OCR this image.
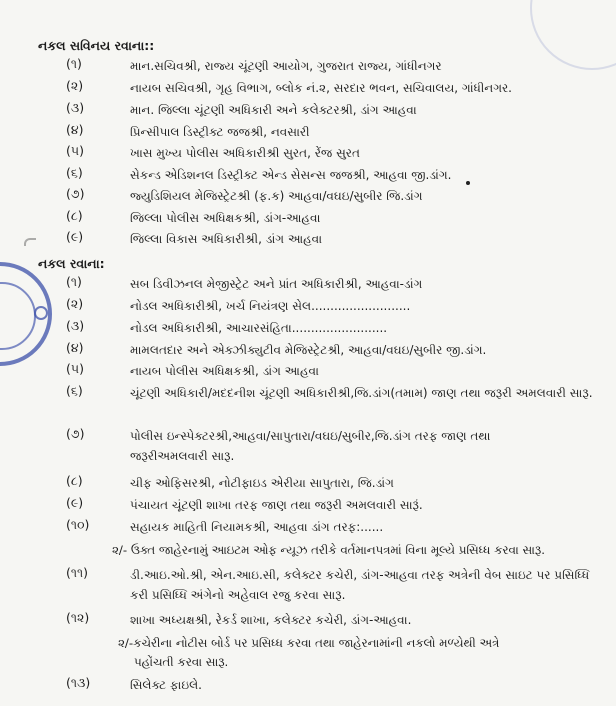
નકલ સવિનય રવાના::
(૧)	માન.સચિવશ્રી, રાજ્ય ચૂંટણી આયોગ, ગુજરાત રાજ્ય, ગાંધીનગર
(૨)	નાયબ સચિવશ્રી, ગૃહ વિભાગ, બ્લોક નં.૨, સરદાર ભવન, સચિવાલય, ગાંધીનગર.
(૩)	માન. જિલ્લા ચૂંટણી અધિકારી અને કલેક્ટરશ્રી, ડાંગ આહવા
(૪)	પ્રિન્સીપાલ ડિસ્ટ્રીક્ટ જજશ્રી, નવસારી
(૫)	ખાસ મુખ્ય પોલીસ અધિકારીશ્રી સુરત, રેંજ સુરત
(૬)	સેકન્ડ એડિશનલ ડિસ્ટ્રીક્ટ એન્ડ સેસન્સ જજશ્રી, આહવા જી.ડાંગ.
(૭)	જ્યુડિશિયલ મેજિસ્ટ્રેટશ્રી (ફ.ક) આહવા/વઘઇ/સુબીર જિ.ડાંગ
(૮)	જિલ્લા પોલીસ અધિક્ષકશ્રી, ડાંગ-આહવા
(૯)	જિલ્લા વિકાસ અધિકારીશ્રી, ડાંગ આહવા
નકલ રવાના:
(૧)	સબ ડિવીઝનલ મેજીસ્ટ્રેટ અને પ્રાંત અધિકારીશ્રી, આહવા-ડાંગ
(૨)	નોડલ અધિકારીશ્રી, ખર્ચ નિયંત્રણ સેલ..........................
(૩)	નોડલ અધિકારીશ્રી, આચારસંહિતા.........................
(૪)	મામલતદાર અને એક્ઝીક્યુટીવ મેજિસ્ટ્રેટશ્રી, આહવા/વઘઇ/સુબીર જી.ડાંગ.
(૫)	નાયબ પોલીસ અધિક્ષકશ્રી, ડાંગ આહવા
(૬)	ચૂંટણી અધિકારી/મદદનીશ ચૂંટણી અધિકારીશ્રી,જિ.ડાંગ(તમામ) જાણ તથા જરૂરી અમલવારી સારૂ.
(૭)	પોલીસ ઇન્સ્પેક્ટરશ્રી,આહવા/સાપુતારા/વઘઇ/સુબીર,જિ.ડાંગ તરફ જાણ તથા જરૂરીઅમલવારી સારૂ.
(૮)	ચીફ ઓફિસરશ્રી, નોટીફાઇડ એરીયા સાપુતારા, જિ.ડાંગ
(૯)	પંચાયત ચૂંટણી શાખા તરફ જાણ તથા જરૂરી અમલવારી સારૂં.
(૧૦)	સહાયક માહિતી નિયામકશ્રી, આહવા ડાંગ તરફ:......
૨/- ઉક્ત જાહેરનામું આઇટમ ઓફ ન્યૂઝ તરીકે વર્તમાનપત્રમાં વિના મૂલ્યે પ્રસિધ્ધ કરવા સારૂ.
(૧૧)	ડી.આઇ.ઓ.શ્રી, એન.આઇ.સી, કલેક્ટર કચેરી, ડાંગ-આહવા તરફ અત્રેની વેબ સાઇટ પર પ્રસિધ્ધિ કરી પ્રસિધ્ધિ અંગેનો અહેવાલ રજુ કરવા સારૂ.
(૧૨)	શાખા અધ્યક્ષશ્રી, રેકર્ડ શાખા, કલેક્ટર કચેરી, ડાંગ-આહવા.
૨/-કચેરીના નોટીસ બોર્ડ પર પ્રસિધ્ધ કરવા તથા જાહેરનામાંની નકલો મળ્યેથી અત્રે
પહોંચતી કરવા સારૂ.
(૧૩)	સિલેક્ટ ફાઇલે.
